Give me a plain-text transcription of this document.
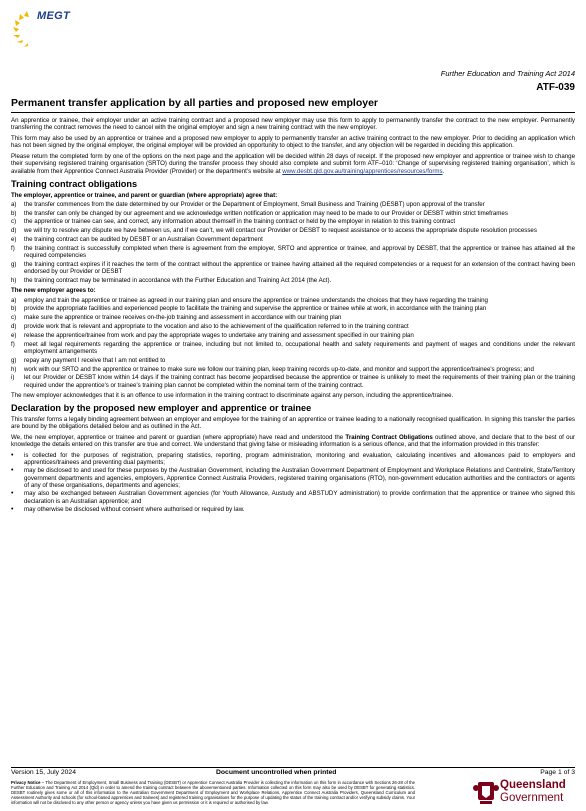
MEGT
Further Education and Training Act 2014
ATF-039
Permanent transfer application by all parties and proposed new employer

An apprentice or trainee, their employer under an active training contract and a proposed new employer may use this form to apply to permanently transfer the contract to the new employer. Permanently transferring the contract removes the need to cancel with the original employer and sign a new training contract with the new employer.

This form may also be used by an apprentice or trainee and a proposed new employer to apply to permanently transfer an active training contract to the new employer. Prior to deciding an application which has not been signed by the original employer, the original employer will be provided an opportunity to object to the transfer, and any objection will be regarded in deciding this application.

Please return the completed form by one of the options on the next page and the application will be decided within 28 days of receipt. If the proposed new employer and apprentice or trainee wish to change their supervising registered training organisation (SRTO) during the transfer process they should also complete and submit form ATF–010: ‘Change of supervising registered training organisation’, which is available from their Apprentice Connect Australia Provider (Provider) or the department’s website at www.desbt.qld.gov.au/training/apprentices/resources/forms.

Training contract obligations
The employer, apprentice or trainee, and parent or guardian (where appropriate) agree that:
a)	the transfer commences from the date determined by our Provider or the Department of Employment, Small Business and Training (DESBT) upon approval of the transfer
b)	the transfer can only be changed by our agreement and we acknowledge written notification or application may need to be made to our Provider or DESBT within strict timeframes
c)	the apprentice or trainee can see, and correct, any information about themself in the training contract or held by the employer in relation to this training contract
d)	we will try to resolve any dispute we have between us, and if we can’t, we will contact our Provider or DESBT to request assistance or to access the appropriate dispute resolution processes
e)	the training contract can be audited by DESBT or an Australian Government department
f)	the training contract is successfully completed when there is agreement from the employer, SRTO and apprentice or trainee, and approval by DESBT, that the apprentice or trainee has attained all the required competencies
g)	the training contract expires if it reaches the term of the contract without the apprentice or trainee having attained all the required competencies or a request for an extension of the contract having been endorsed by our Provider or DESBT
h)	the training contract may be terminated in accordance with the Further Education and Training Act 2014 (the Act).
The new employer agrees to:
a)	employ and train the apprentice or trainee as agreed in our training plan and ensure the apprentice or trainee understands the choices that they have regarding the training
b)	provide the appropriate facilities and experienced people to facilitate the training and supervise the apprentice or trainee while at work, in accordance with the training plan
c)	make sure the apprentice or trainee receives on-the-job training and assessment in accordance with our training plan
d)	provide work that is relevant and appropriate to the vocation and also to the achievement of the qualification referred to in the training contract
e)	release the apprentice/trainee from work and pay the appropriate wages to undertake any training and assessment specified in our training plan
f)	meet all legal requirements regarding the apprentice or trainee, including but not limited to, occupational health and safety requirements and payment of wages and conditions under the relevant employment arrangements
g)	repay any payment I receive that I am not entitled to
h)	work with our SRTO and the apprentice or trainee to make sure we follow our training plan, keep training records up-to-date, and monitor and support the apprentice/trainee's progress; and
i)	let our Provider or DESBT know within 14 days if the training contract has become jeopardised because the apprentice or trainee is unlikely to meet the requirements of their training plan or the training required under the apprentice's or trainee's training plan cannot be completed within the nominal term of the training contract.

The new employer acknowledges that it is an offence to use information in the training contract to discriminate against any person, including the apprentice/trainee.

Declaration by the proposed new employer and apprentice or trainee

This transfer forms a legally binding agreement between an employer and employee for the training of an apprentice or trainee leading to a nationally recognised qualification. In signing this transfer the parties are bound by the obligations detailed below and as outlined in the Act.

We, the new employer, apprentice or trainee and parent or guardian (where appropriate) have read and understood the Training Contract Obligations outlined above, and declare that to the best of our knowledge the details entered on this transfer are true and correct. We understand that giving false or misleading information is a serious offence, and that the information provided in this transfer:

•	is collected for the purposes of registration, preparing statistics, reporting, program administration, monitoring and evaluation, calculating incentives and allowances paid to employers and apprentices/trainees and preventing dual payments;
•	may be disclosed to and used for these purposes by the Australian Government, including the Australian Government Department of Employment and Workplace Relations and Centrelink, State/Territory government departments and agencies, employers, Apprentice Connect Australia Providers, registered training organisations (RTO), non-government education authorities and the contractors or agents of any of these organisations, departments and agencies;
•	may also be exchanged between Australian Government agencies (for Youth Allowance, Austudy and ABSTUDY administration) to provide confirmation that the apprentice or trainee who signed this declaration is an Australian apprentice; and
•	may otherwise be disclosed without consent where authorised or required by law.
Version 15, July 2024	Document uncontrolled when printed	Page 1 of 3
Privacy Notice – The Department of Employment, Small Business and Training (DESBT) or Apprentice Connect Australia Provider is collecting the information on this form in accordance with Sections 26-28 of the Further Education and Training Act 2014 (Qld) in order to amend the training contract between the abovementioned parties. Information collected on this form may also be used by DESBT for generating statistics. DESBT routinely gives some or all of this information to the Australian Government Department of Employment and Workplace Relations, Apprentice Connect Australia Providers, Queensland Curriculum and Assessment Authority and schools (for school-based apprentices and trainees) and registered training organisations for the purpose of updating the status of the training contract and/or verifying subsidy claims. Your information will not be disclosed to any other person or agency unless you have given us permission or it is required or authorised by law.
Queensland
Government
